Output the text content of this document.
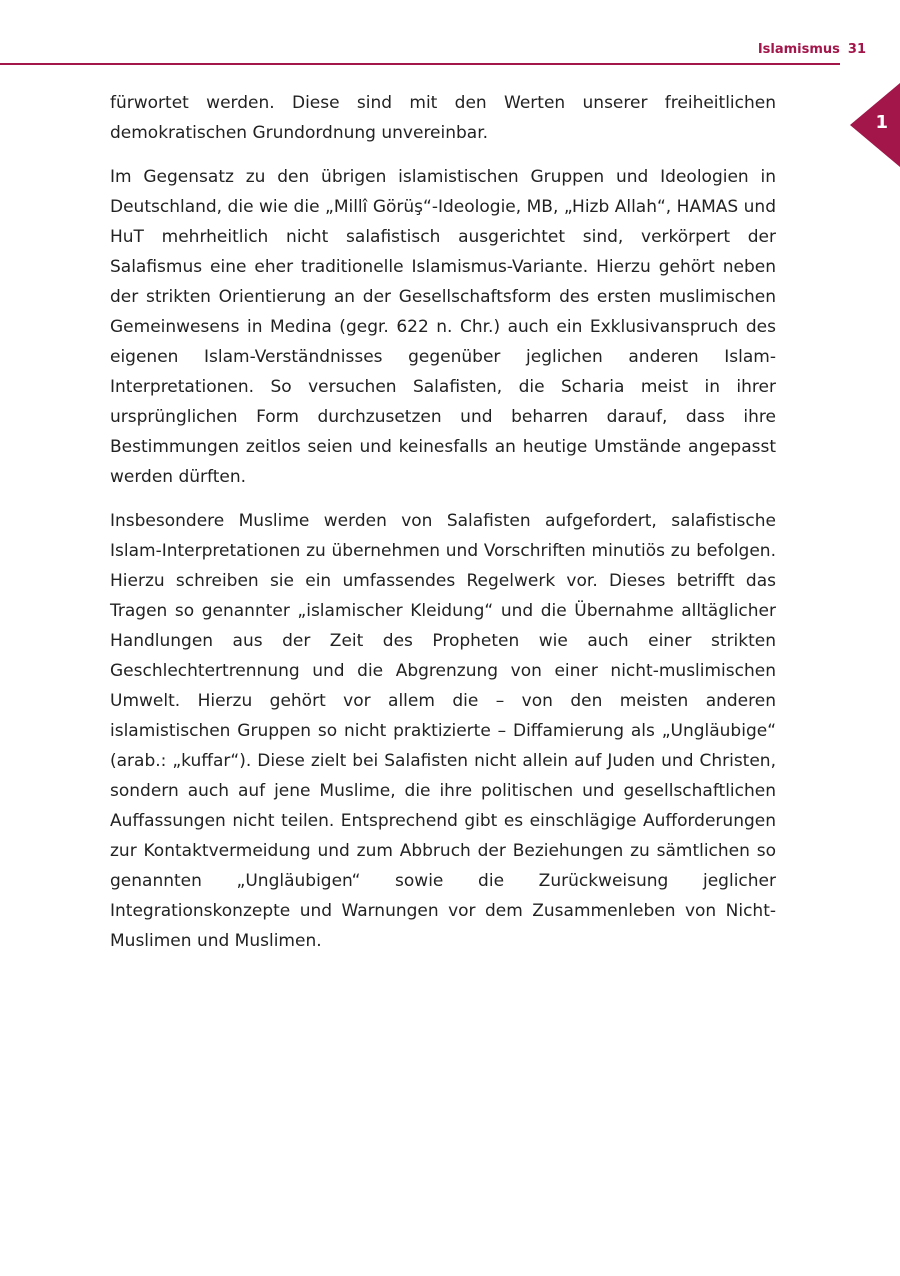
Islamismus 31
1

fürwortet werden. Diese sind mit den Werten unserer freiheitlichen demokratischen Grundordnung unvereinbar.

Im Gegensatz zu den übrigen islamistischen Gruppen und Ideologien in Deutschland, die wie die „Millî Görüş“-Ideologie, MB, „Hizb Allah“, HAMAS und HuT mehrheitlich nicht salafistisch ausgerichtet sind, verkörpert der Salafismus eine eher traditionelle Islamismus-Variante. Hierzu gehört neben der strikten Orientierung an der Gesellschaftsform des ersten muslimischen Gemeinwesens in Medina (gegr. 622 n. Chr.) auch ein Exklusivanspruch des eigenen Islam-Verständnisses gegenüber jeglichen anderen Islam-Interpretationen. So versuchen Salafisten, die Scharia meist in ihrer ursprünglichen Form durchzusetzen und beharren darauf, dass ihre Bestimmungen zeitlos seien und keinesfalls an heutige Umstände angepasst werden dürften.

Insbesondere Muslime werden von Salafisten aufgefordert, salafistische Islam-Interpretationen zu übernehmen und Vorschriften minutiös zu befolgen. Hierzu schreiben sie ein umfassendes Regelwerk vor. Dieses betrifft das Tragen so genannter „islamischer Kleidung“ und die Übernahme alltäglicher Handlungen aus der Zeit des Propheten wie auch einer strikten Geschlechtertrennung und die Abgrenzung von einer nicht-muslimischen Umwelt. Hierzu gehört vor allem die – von den meisten anderen islamistischen Gruppen so nicht praktizierte – Diffamierung als „Ungläubige“ (arab.: „kuffar“). Diese zielt bei Salafisten nicht allein auf Juden und Christen, sondern auch auf jene Muslime, die ihre politischen und gesellschaftlichen Auffassungen nicht teilen. Entsprechend gibt es einschlägige Aufforderungen zur Kontaktvermeidung und zum Abbruch der Beziehungen zu sämtlichen so genannten „Ungläubigen“ sowie die Zurückweisung jeglicher Integrationskonzepte und Warnungen vor dem Zusammenleben von Nicht-Muslimen und Muslimen.
